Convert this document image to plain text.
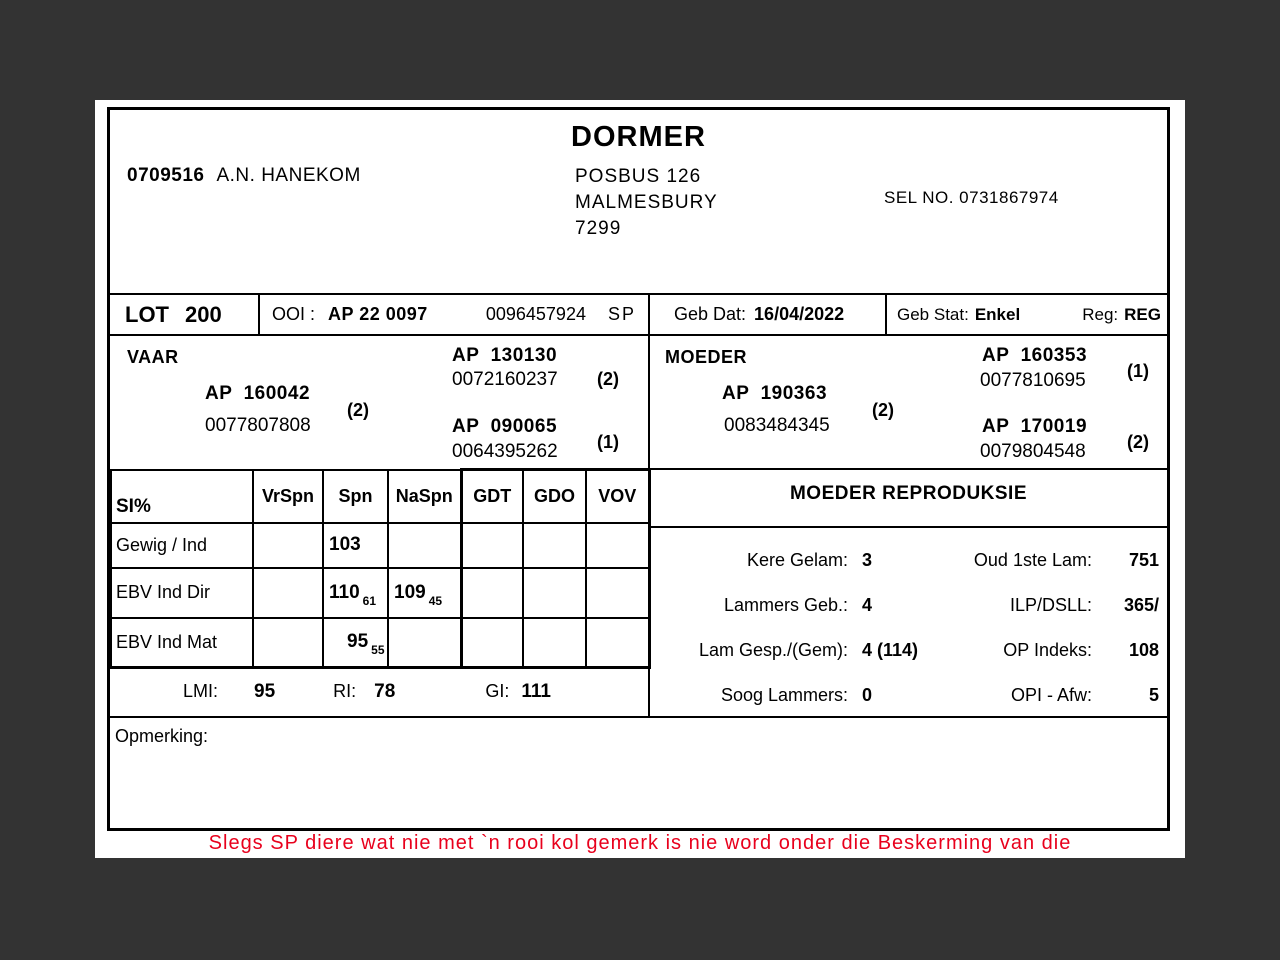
DORMER
0709516 A.N. HANEKOM	POSBUS 126
MALMESBURY
7299
SEL NO. 0731867974
LOT 200	OOI : AP 22 0097	0096457924 SP Geb Dat: 16/04/2022	Geb Stat: Enkel	Reg: REG
VAAR
AP  160042
0077807808
(2)
AP  130130
0072160237 (2)
AP  090065
0064395262 (1)
MOEDER
AP  190363
0083484345
(2)
AP  160353
0077810695 (1)
AP  170019
0079804548 (2)
SI%	VrSpn	Spn	NaSpn	GDT	GDO	VOV
Gewig / Ind		103				
EBV Ind Dir		110 $_{61}$	109 $_{45}$			
EBV Ind Mat		95 $_{55}$				
LMI: 95	RI: 78	GI: 111
MOEDER REPRODUKSIE
Kere Gelam: 3	Oud 1ste Lam:	751
Lammers Geb.: 4	ILP/DSLL:	365/
Lam Gesp./(Gem): 4 (114)	OP Indeks:	108
Soog Lammers: 0	OPI - Afw:	5
Opmerking:
Slegs SP diere wat nie met `n rooi kol gemerk is nie word onder die Beskerming van die
